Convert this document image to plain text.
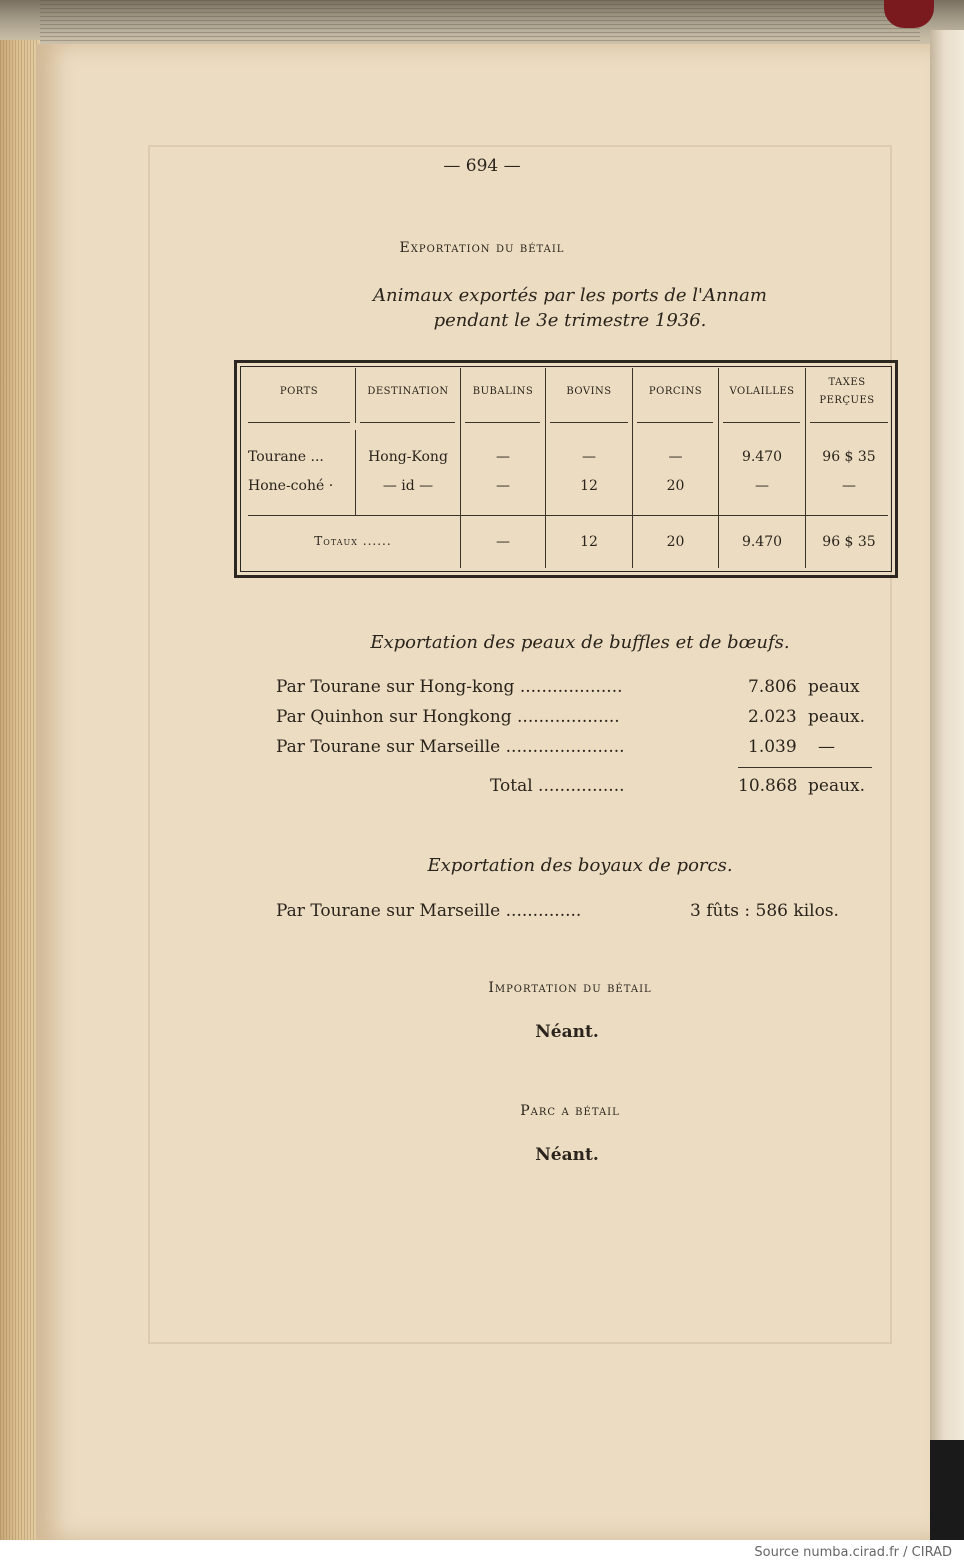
— 694 —
Exportation du bétail
Animaux exportés par les ports de l'Annam
pendant le 3e trimestre 1936.
PORTS	DESTINATION	BUBALINS	BOVINS	PORCINS	VOLAILLES
TAXES PERÇUES
Tourane ...	Hong-Kong	—	—	—	9.470	96 $ 35
Hone-cohé ·	— id —	—	12	20	—	—
Totaux ......	—	12	20	9.470	96 $ 35
Exportation des peaux de buffles et de bœufs.
Par Tourane sur Hong-kong ...................	7.806 peaux
Par Quinhon sur Hongkong ...................	2.023 peaux.
Par Tourane sur Marseille ......................	1.039 —
Total ................	10.868 peaux.
Exportation des boyaux de porcs.
Par Tourane sur Marseille ..............	3 fûts : 586 kilos.
Importation du bétail
Néant.
Parc a bétail
Néant.
Source numba.cirad.fr / CIRAD
